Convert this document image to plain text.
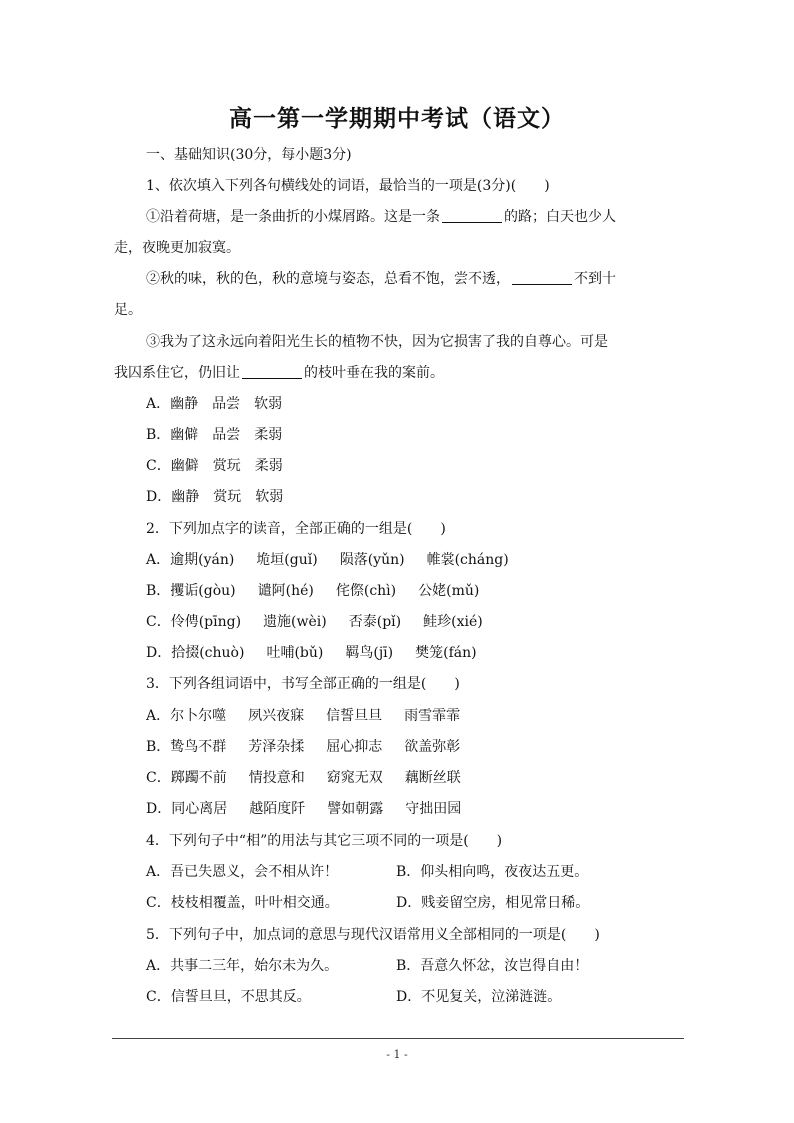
高一第一学期期中考试（语文）
一、基础知识(30分，每小题3分)
1、依次填入下列各句横线处的词语，最恰当的一项是(3分)(　　)
①沿着荷塘，是一条曲折的小煤屑路。这是一条	的路；白天也少人
走，夜晚更加寂寞。
②秋的味，秋的色，秋的意境与姿态，总看不饱，尝不透，	不到十
足。
③我为了这永远向着阳光生长的植物不快，因为它损害了我的自尊心。可是
我囚系住它，仍旧让	的枝叶垂在我的案前。
A．幽静　品尝　软弱
B．幽僻　品尝　柔弱
C．幽僻　赏玩　柔弱
D．幽静　赏玩　软弱
2．下列加点字的读音，全部正确的一组是(　　)
A．逾期(yán) 垝垣(guǐ) 陨落(yǔn) 帷裳(cháng)
B．攫诟(gòu) 谴阿(hé) 侘傺(chì) 公姥(mǔ)
C．伶俜(pīng) 遗施(wèi) 否泰(pǐ) 鲑珍(xié)
D．拾掇(chuò) 吐哺(bǔ) 羁鸟(jī) 樊笼(fán)
3．下列各组词语中，书写全部正确的一组是(　　)
A．尔卜尔噬 夙兴夜寐 信誓旦旦 雨雪霏霏
B．鸷鸟不群 芳泽杂揉 屈心抑志 欲盖弥彰
C．踯躅不前 情投意和 窈窕无双 藕断丝联
D．同心离居 越陌度阡 譬如朝露 守拙田园
4．下列句子中“相”的用法与其它三项不同的一项是(　　)
A．吾已失恩义，会不相从许！	B．仰头相向鸣，夜夜达五更。
C．枝枝相覆盖，叶叶相交通。	D．贱妾留空房，相见常日稀。
5．下列句子中，加点词的意思与现代汉语常用义全部相同的一项是(　　)
A．共事二三年，始尔未为久。	B．吾意久怀忿，汝岂得自由！
C．信誓旦旦，不思其反。	D．不见复关，泣涕涟涟。
- 1 -
